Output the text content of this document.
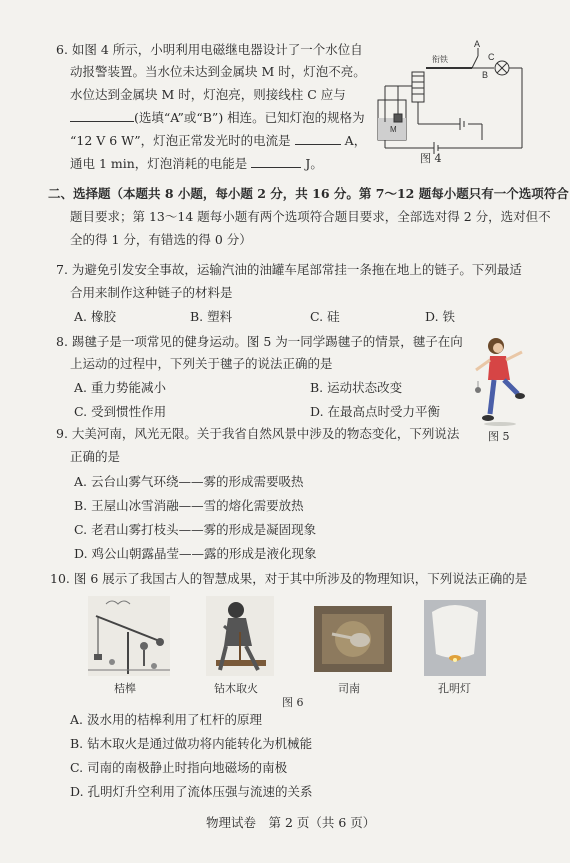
6. 如图 4 所示，小明利用电磁继电器设计了一个水位自
动报警装置。当水位未达到金属块 M 时，灯泡不亮。
水位达到金属块 M 时，灯泡亮，则接线柱 C 应与
(选填“A”或“B”) 相连。已知灯泡的规格为
“12 V 6 W”，灯泡正常发光时的电流是	A，
通电 1 min，灯泡消耗的电能是	J。
A
B
C
衔铁
M
图 4
二、选择题（本题共 8 小题，每小题 2 分，共 16 分。第 7～12 题每小题只有一个选项符合
题目要求；第 13～14 题每小题有两个选项符合题目要求，全部选对得 2 分，选对但不
全的得 1 分，有错选的得 0 分）
7. 为避免引发安全事故，运输汽油的油罐车尾部常挂一条拖在地上的链子。下列最适
合用来制作这种链子的材料是
A. 橡胶	B. 塑料	C. 硅	D. 铁
8. 踢毽子是一项常见的健身运动。图 5 为一同学踢毽子的情景，毽子在向
上运动的过程中，下列关于毽子的说法正确的是
A. 重力势能减小	B. 运动状态改变
C. 受到惯性作用	D. 在最高点时受力平衡
图 5
9. 大美河南，风光无限。关于我省自然风景中涉及的物态变化，下列说法
正确的是
A. 云台山雾气环绕——雾的形成需要吸热
B. 王屋山冰雪消融——雪的熔化需要放热
C. 老君山雾打枝头——雾的形成是凝固现象
D. 鸡公山朝露晶莹——露的形成是液化现象
10. 图 6 展示了我国古人的智慧成果，对于其中所涉及的物理知识，下列说法正确的是
桔槔	钻木取火	司南	孔明灯
图 6
A. 汲水用的桔槔利用了杠杆的原理
B. 钻木取火是通过做功将内能转化为机械能
C. 司南的南极静止时指向地磁场的南极
D. 孔明灯升空利用了流体压强与流速的关系
物理试卷　第 2 页（共 6 页）
